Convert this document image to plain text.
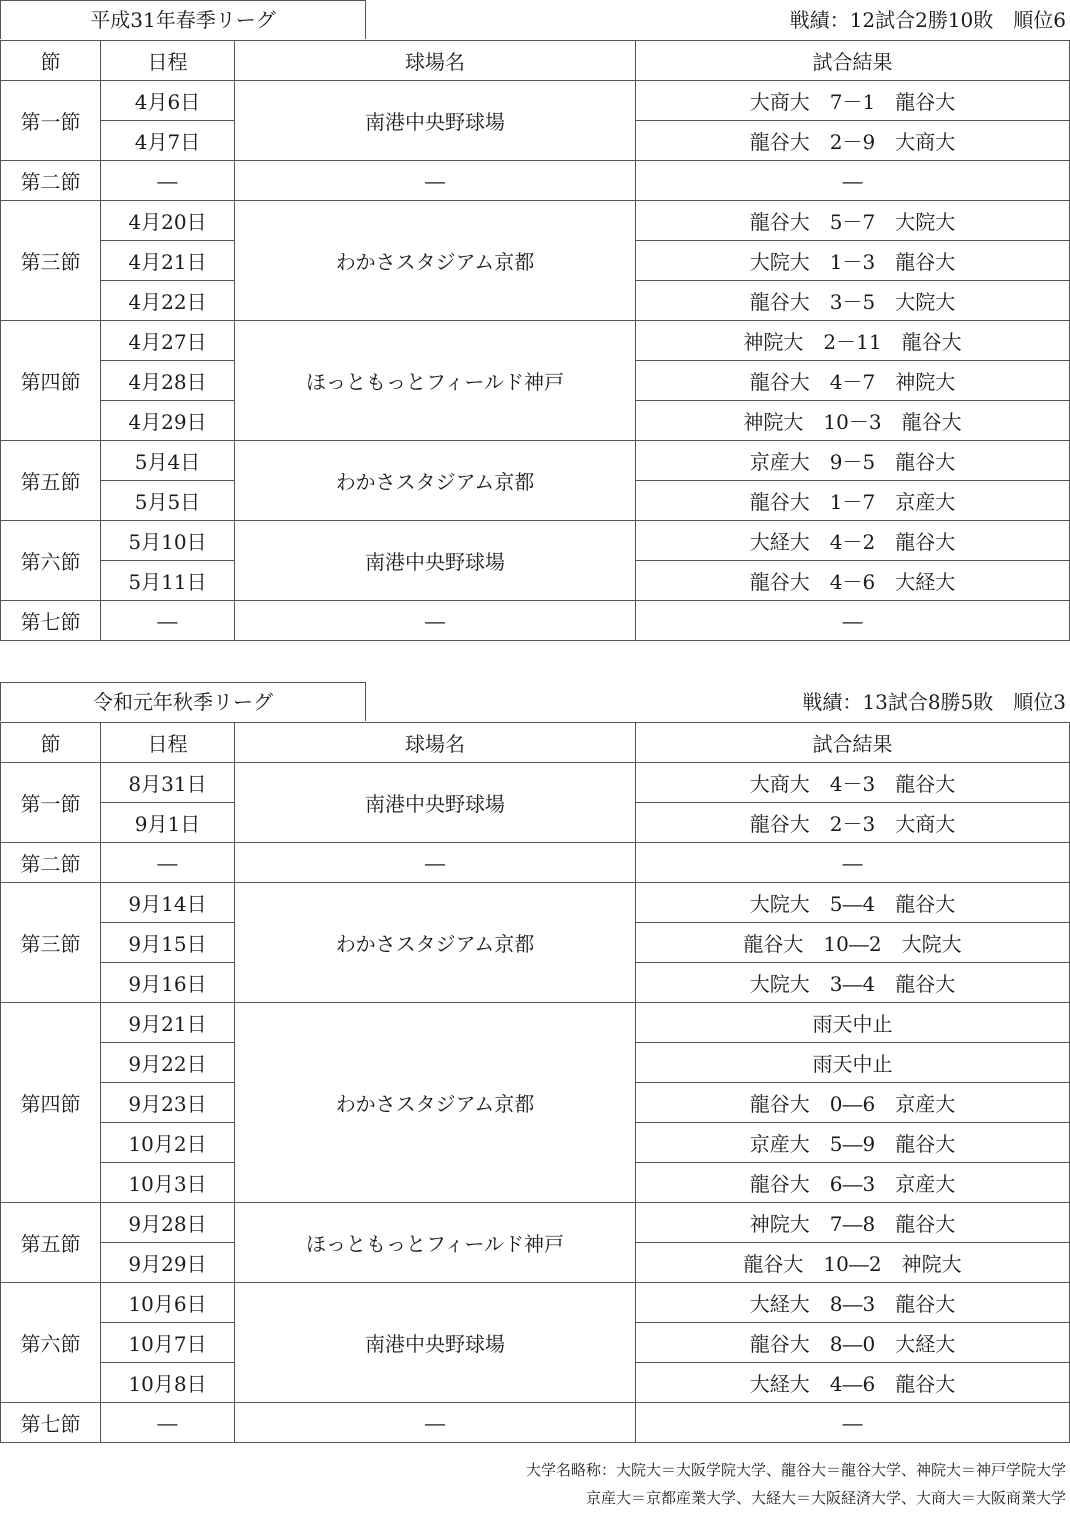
平成31年春季リーグ	戦績：12試合2勝10敗　順位6
節	日程	球場名	試合結果
第一節	4月6日	南港中央野球場	大商大　7－1　龍谷大
	4月7日		龍谷大　2－9　大商大
第二節	―	―	―
第三節	4月20日	わかさスタジアム京都	龍谷大　5－7　大院大
	4月21日		大院大　1－3　龍谷大
	4月22日		龍谷大　3－5　大院大
第四節	4月27日	ほっともっとフィールド神戸	神院大　2－11　龍谷大
	4月28日		龍谷大　4－7　神院大
	4月29日		神院大　10－3　龍谷大
第五節	5月4日	わかさスタジアム京都	京産大　9－5　龍谷大
	5月5日		龍谷大　1－7　京産大
第六節	5月10日	南港中央野球場	大経大　4－2　龍谷大
	5月11日		龍谷大　4－6　大経大
第七節	―	―	―
令和元年秋季リーグ	戦績：13試合8勝5敗　順位3
節	日程	球場名	試合結果
第一節	8月31日	南港中央野球場	大商大　4－3　龍谷大
	9月1日		龍谷大　2－3　大商大
第二節	―	―	―
第三節	9月14日	わかさスタジアム京都	大院大　5―4　龍谷大
	9月15日		龍谷大　10―2　大院大
	9月16日		大院大　3―4　龍谷大
第四節	9月21日	わかさスタジアム京都	雨天中止
	9月22日		雨天中止
	9月23日		龍谷大　0―6　京産大
	10月2日		京産大　5―9　龍谷大
	10月3日		龍谷大　6―3　京産大
第五節	9月28日	ほっともっとフィールド神戸	神院大　7―8　龍谷大
	9月29日		龍谷大　10―2　神院大
第六節	10月6日	南港中央野球場	大経大　8―3　龍谷大
	10月7日		龍谷大　8―0　大経大
	10月8日		大経大　4―6　龍谷大
第七節	―	―	―
大学名略称：大院大＝大阪学院大学、龍谷大＝龍谷大学、神院大＝神戸学院大学
京産大＝京都産業大学、大経大＝大阪経済大学、大商大＝大阪商業大学
